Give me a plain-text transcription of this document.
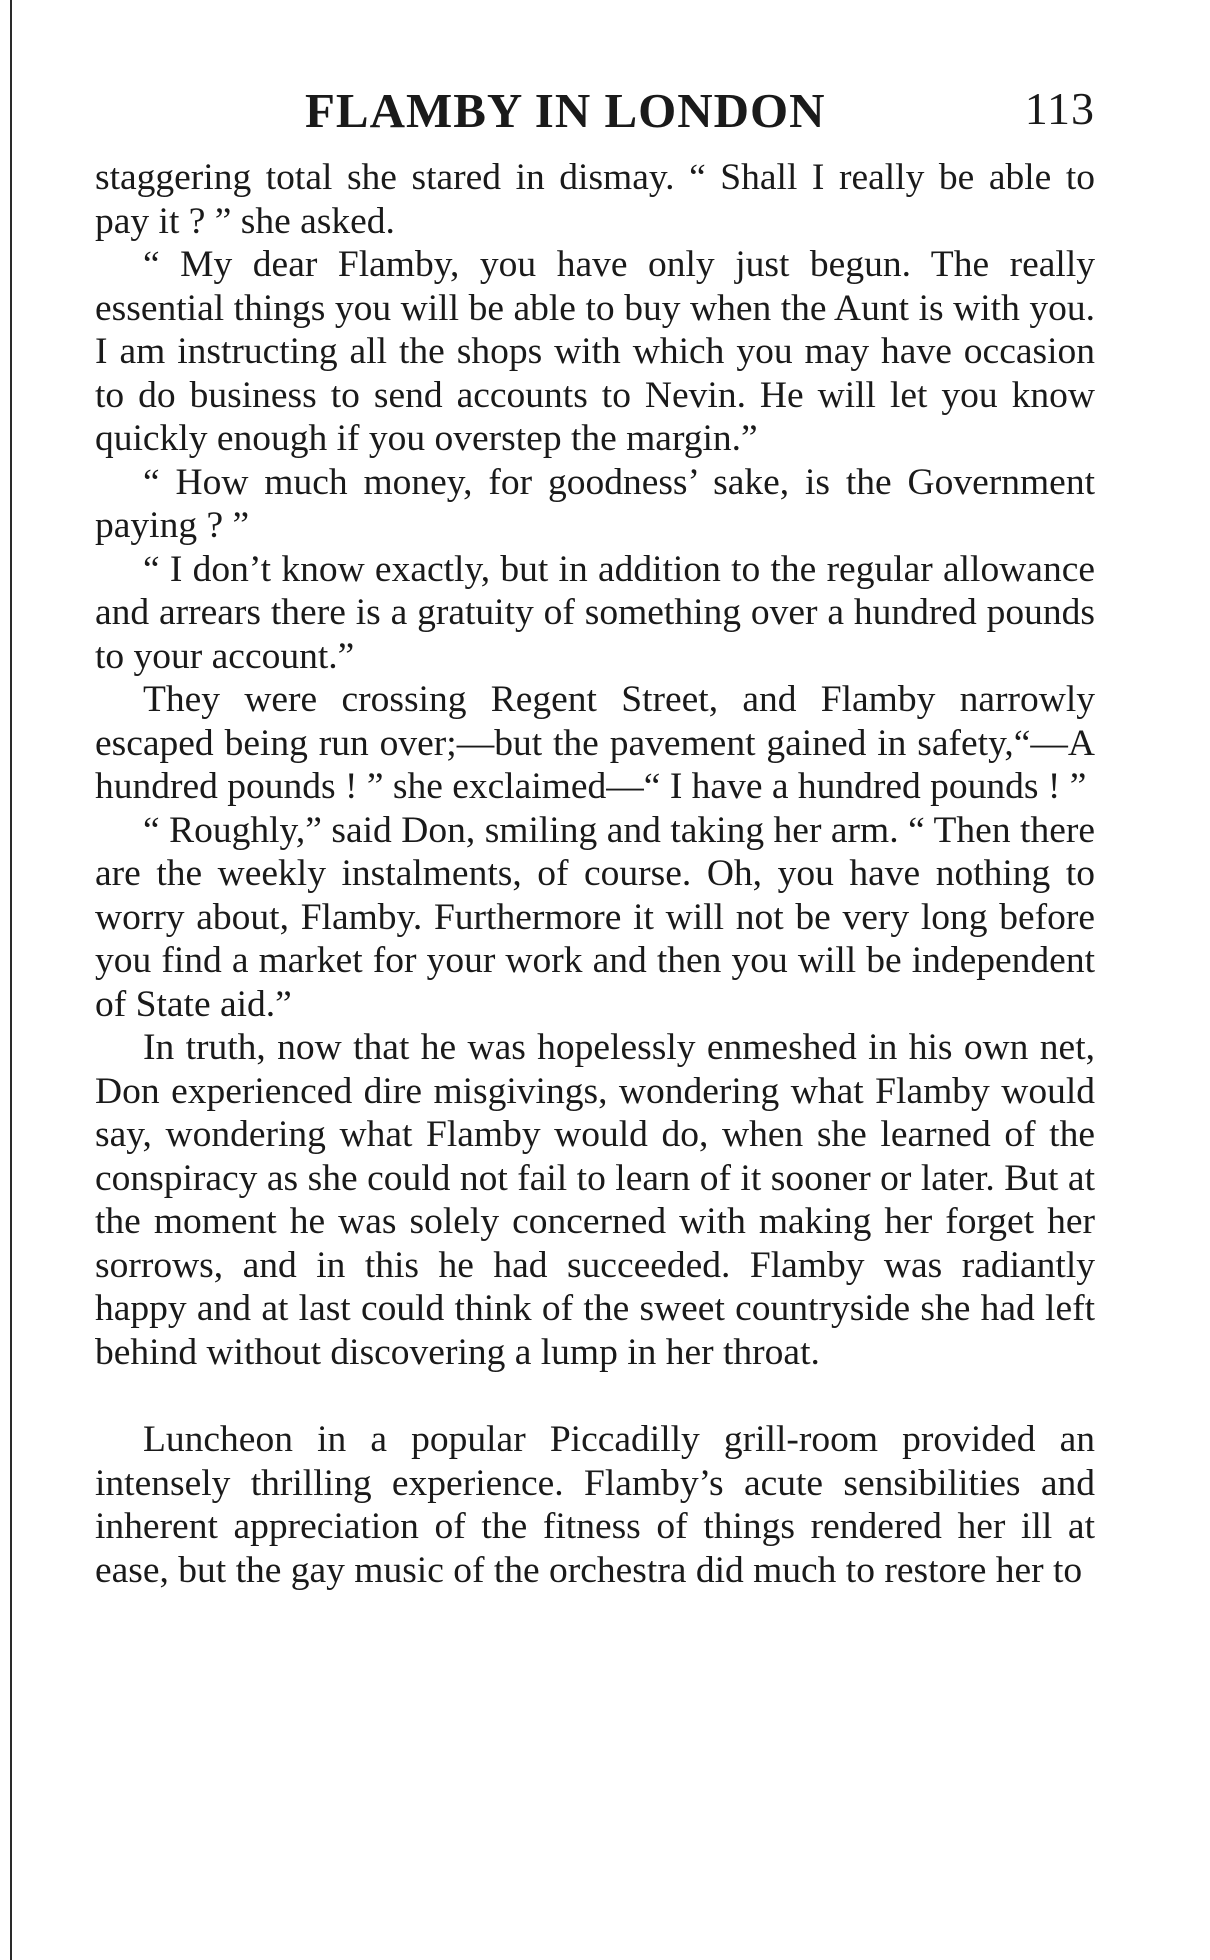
FLAMBY IN LONDON	113

staggering total she stared in dismay. “ Shall I really be able to pay it ? ” she asked.

“ My dear Flamby, you have only just begun. The really essential things you will be able to buy when the Aunt is with you. I am instructing all the shops with which you may have occasion to do business to send accounts to Nevin. He will let you know quickly enough if you overstep the margin.”

“ How much money, for goodness’ sake, is the Government paying ? ”

“ I don’t know exactly, but in addition to the regular allowance and arrears there is a gratuity of something over a hundred pounds to your account.”

They were crossing Regent Street, and Flamby narrowly escaped being run over;—but the pavement gained in safety,“—A hundred pounds ! ” she exclaimed—“ I have a hundred pounds ! ”

“ Roughly,” said Don, smiling and taking her arm. “ Then there are the weekly instalments, of course. Oh, you have nothing to worry about, Flamby. Furthermore it will not be very long before you find a market for your work and then you will be independent of State aid.”

In truth, now that he was hopelessly enmeshed in his own net, Don experienced dire misgivings, wondering what Flamby would say, wondering what Flamby would do, when she learned of the conspiracy as she could not fail to learn of it sooner or later. But at the moment he was solely concerned with making her forget her sorrows, and in this he had succeeded. Flamby was radiantly happy and at last could think of the sweet countryside she had left behind without discovering a lump in her throat.

Luncheon in a popular Piccadilly grill-room provided an intensely thrilling experience. Flamby’s acute sensibilities and inherent appreciation of the fitness of things rendered her ill at ease, but the gay music of the orchestra did much to restore her to
